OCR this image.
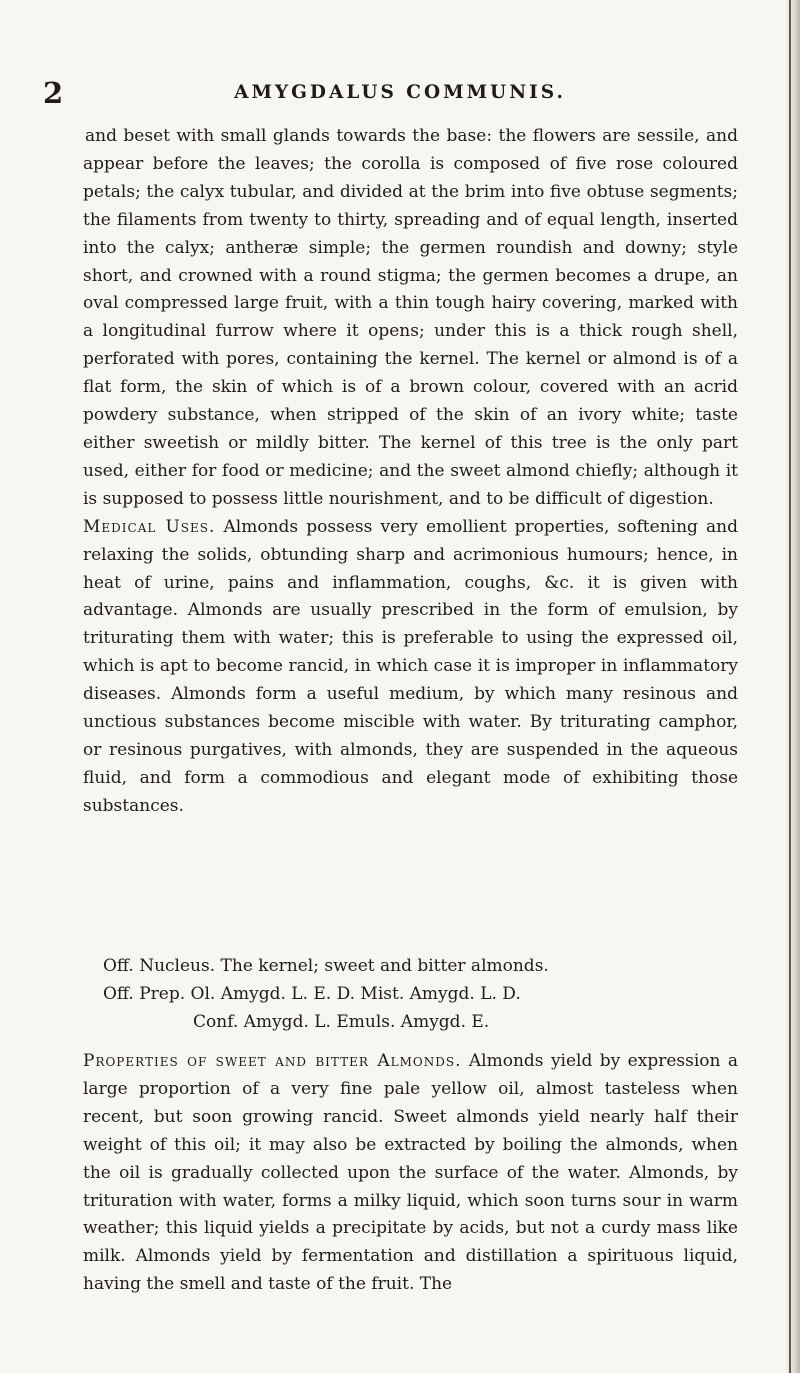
2	AMYGDALUS COMMUNIS.

and beset with small glands towards the base: the flowers are sessile, and appear before the leaves; the corolla is composed of five rose coloured petals; the calyx tubular, and divided at the brim into five obtuse segments; the filaments from twenty to thirty, spreading and of equal length, inserted into the calyx; antheræ simple; the germen roundish and downy; style short, and crowned with a round stigma; the germen becomes a drupe, an oval compressed large fruit, with a thin tough hairy covering, marked with a longitudinal furrow where it opens; under this is a thick rough shell, perforated with pores, containing the kernel. The kernel or almond is of a flat form, the skin of which is of a brown colour, covered with an acrid powdery substance, when stripped of the skin of an ivory white; taste either sweetish or mildly bitter. The kernel of this tree is the only part used, either for food or medicine; and the sweet almond chiefly; although it is supposed to possess little nourishment, and to be difficult of digestion.

Medical Uses. Almonds possess very emollient properties, softening and relaxing the solids, obtunding sharp and acrimonious humours; hence, in heat of urine, pains and inflammation, coughs, &c. it is given with advantage. Almonds are usually prescribed in the form of emulsion, by triturating them with water; this is preferable to using the expressed oil, which is apt to become rancid, in which case it is improper in inflammatory diseases. Almonds form a useful medium, by which many resinous and unctious substances become miscible with water. By triturating camphor, or resinous purgatives, with almonds, they are suspended in the aqueous fluid, and form a commodious and elegant mode of exhibiting those substances.

Off. Nucleus. The kernel; sweet and bitter almonds.
Off. Prep. Ol. Amygd. L. E. D. Mist. Amygd. L. D.
Conf. Amygd. L. Emuls. Amygd. E.

Properties of sweet and bitter Almonds. Almonds yield by expression a large proportion of a very fine pale yellow oil, almost tasteless when recent, but soon growing rancid. Sweet almonds yield nearly half their weight of this oil; it may also be extracted by boiling the almonds, when the oil is gradually collected upon the surface of the water. Almonds, by trituration with water, forms a milky liquid, which soon turns sour in warm weather; this liquid yields a precipitate by acids, but not a curdy mass like milk. Almonds yield by fermentation and distillation a spirituous liquid, having the smell and taste of the fruit. The
